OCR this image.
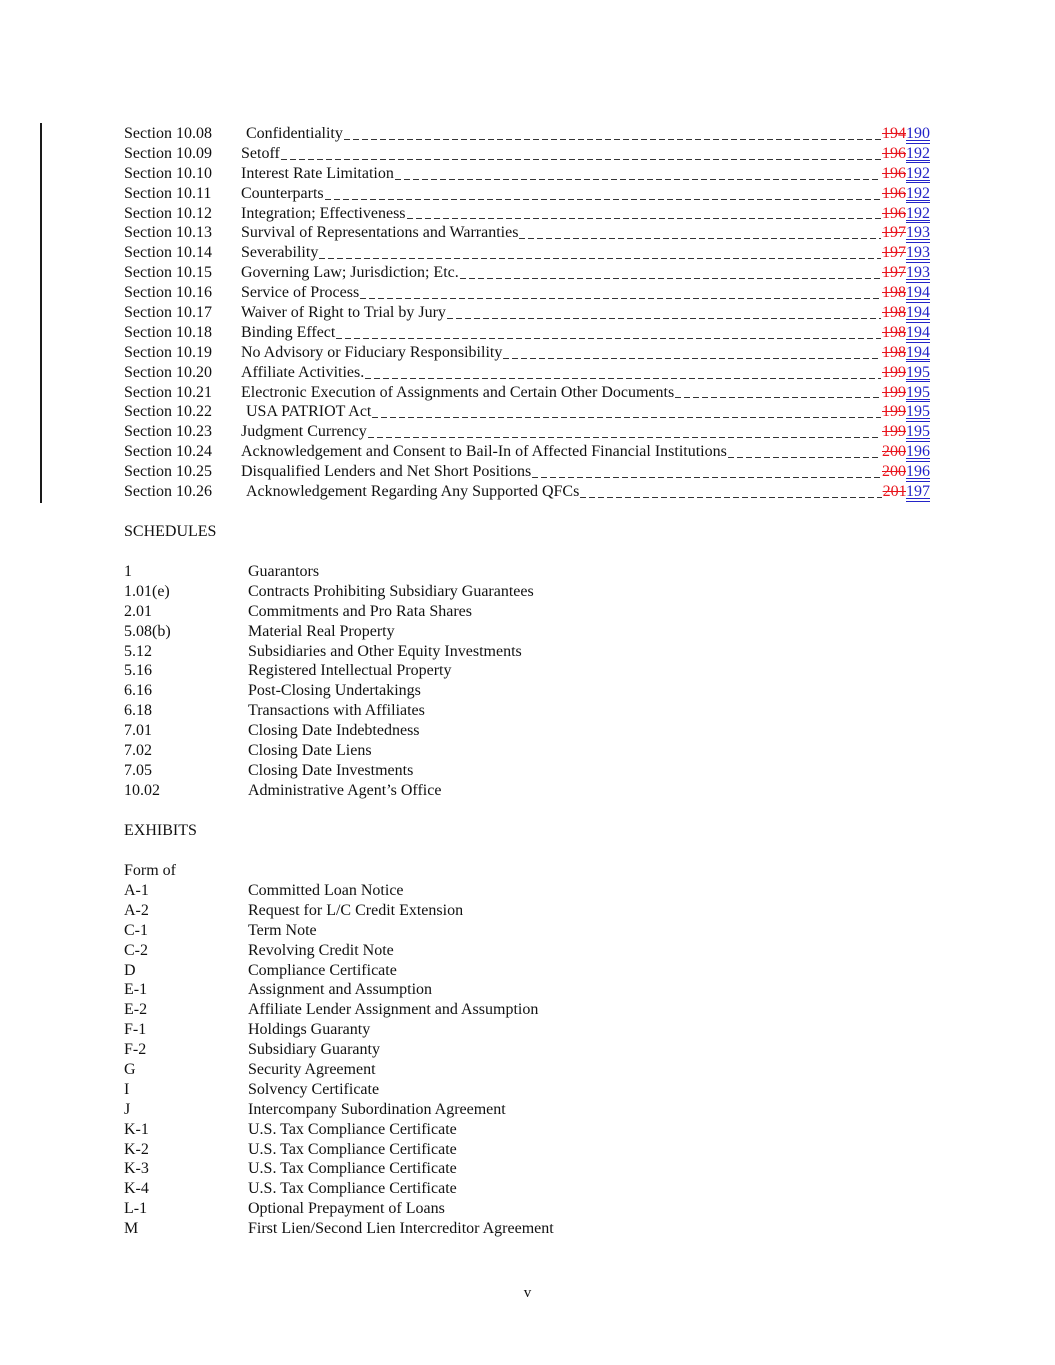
Section 10.08	Confidentiality	194190
Section 10.09	Setoff	196192
Section 10.10	Interest Rate Limitation	196192
Section 10.11	Counterparts	196192
Section 10.12	Integration; Effectiveness	196192
Section 10.13	Survival of Representations and Warranties	197193
Section 10.14	Severability	197193
Section 10.15	Governing Law; Jurisdiction; Etc.	197193
Section 10.16	Service of Process	198194
Section 10.17	Waiver of Right to Trial by Jury	198194
Section 10.18	Binding Effect	198194
Section 10.19	No Advisory or Fiduciary Responsibility	198194
Section 10.20	Affiliate Activities.	199195
Section 10.21	Electronic Execution of Assignments and Certain Other Documents	199195
Section 10.22	USA PATRIOT Act	199195
Section 10.23	Judgment Currency	199195
Section 10.24	Acknowledgement and Consent to Bail-In of Affected Financial Institutions	200196
Section 10.25	Disqualified Lenders and Net Short Positions	200196
Section 10.26	Acknowledgement Regarding Any Supported QFCs	201197
SCHEDULES
1	Guarantors
1.01(e)	Contracts Prohibiting Subsidiary Guarantees
2.01	Commitments and Pro Rata Shares
5.08(b)	Material Real Property
5.12	Subsidiaries and Other Equity Investments
5.16	Registered Intellectual Property
6.16	Post-Closing Undertakings
6.18	Transactions with Affiliates
7.01	Closing Date Indebtedness
7.02	Closing Date Liens
7.05	Closing Date Investments
10.02	Administrative Agent’s Office
EXHIBITS
Form of
A-1	Committed Loan Notice
A-2	Request for L/C Credit Extension
C-1	Term Note
C-2	Revolving Credit Note
D	Compliance Certificate
E-1	Assignment and Assumption
E-2	Affiliate Lender Assignment and Assumption
F-1	Holdings Guaranty
F-2	Subsidiary Guaranty
G	Security Agreement
I	Solvency Certificate
J	Intercompany Subordination Agreement
K-1	U.S. Tax Compliance Certificate
K-2	U.S. Tax Compliance Certificate
K-3	U.S. Tax Compliance Certificate
K-4	U.S. Tax Compliance Certificate
L-1	Optional Prepayment of Loans
M	First Lien/Second Lien Intercreditor Agreement
v
